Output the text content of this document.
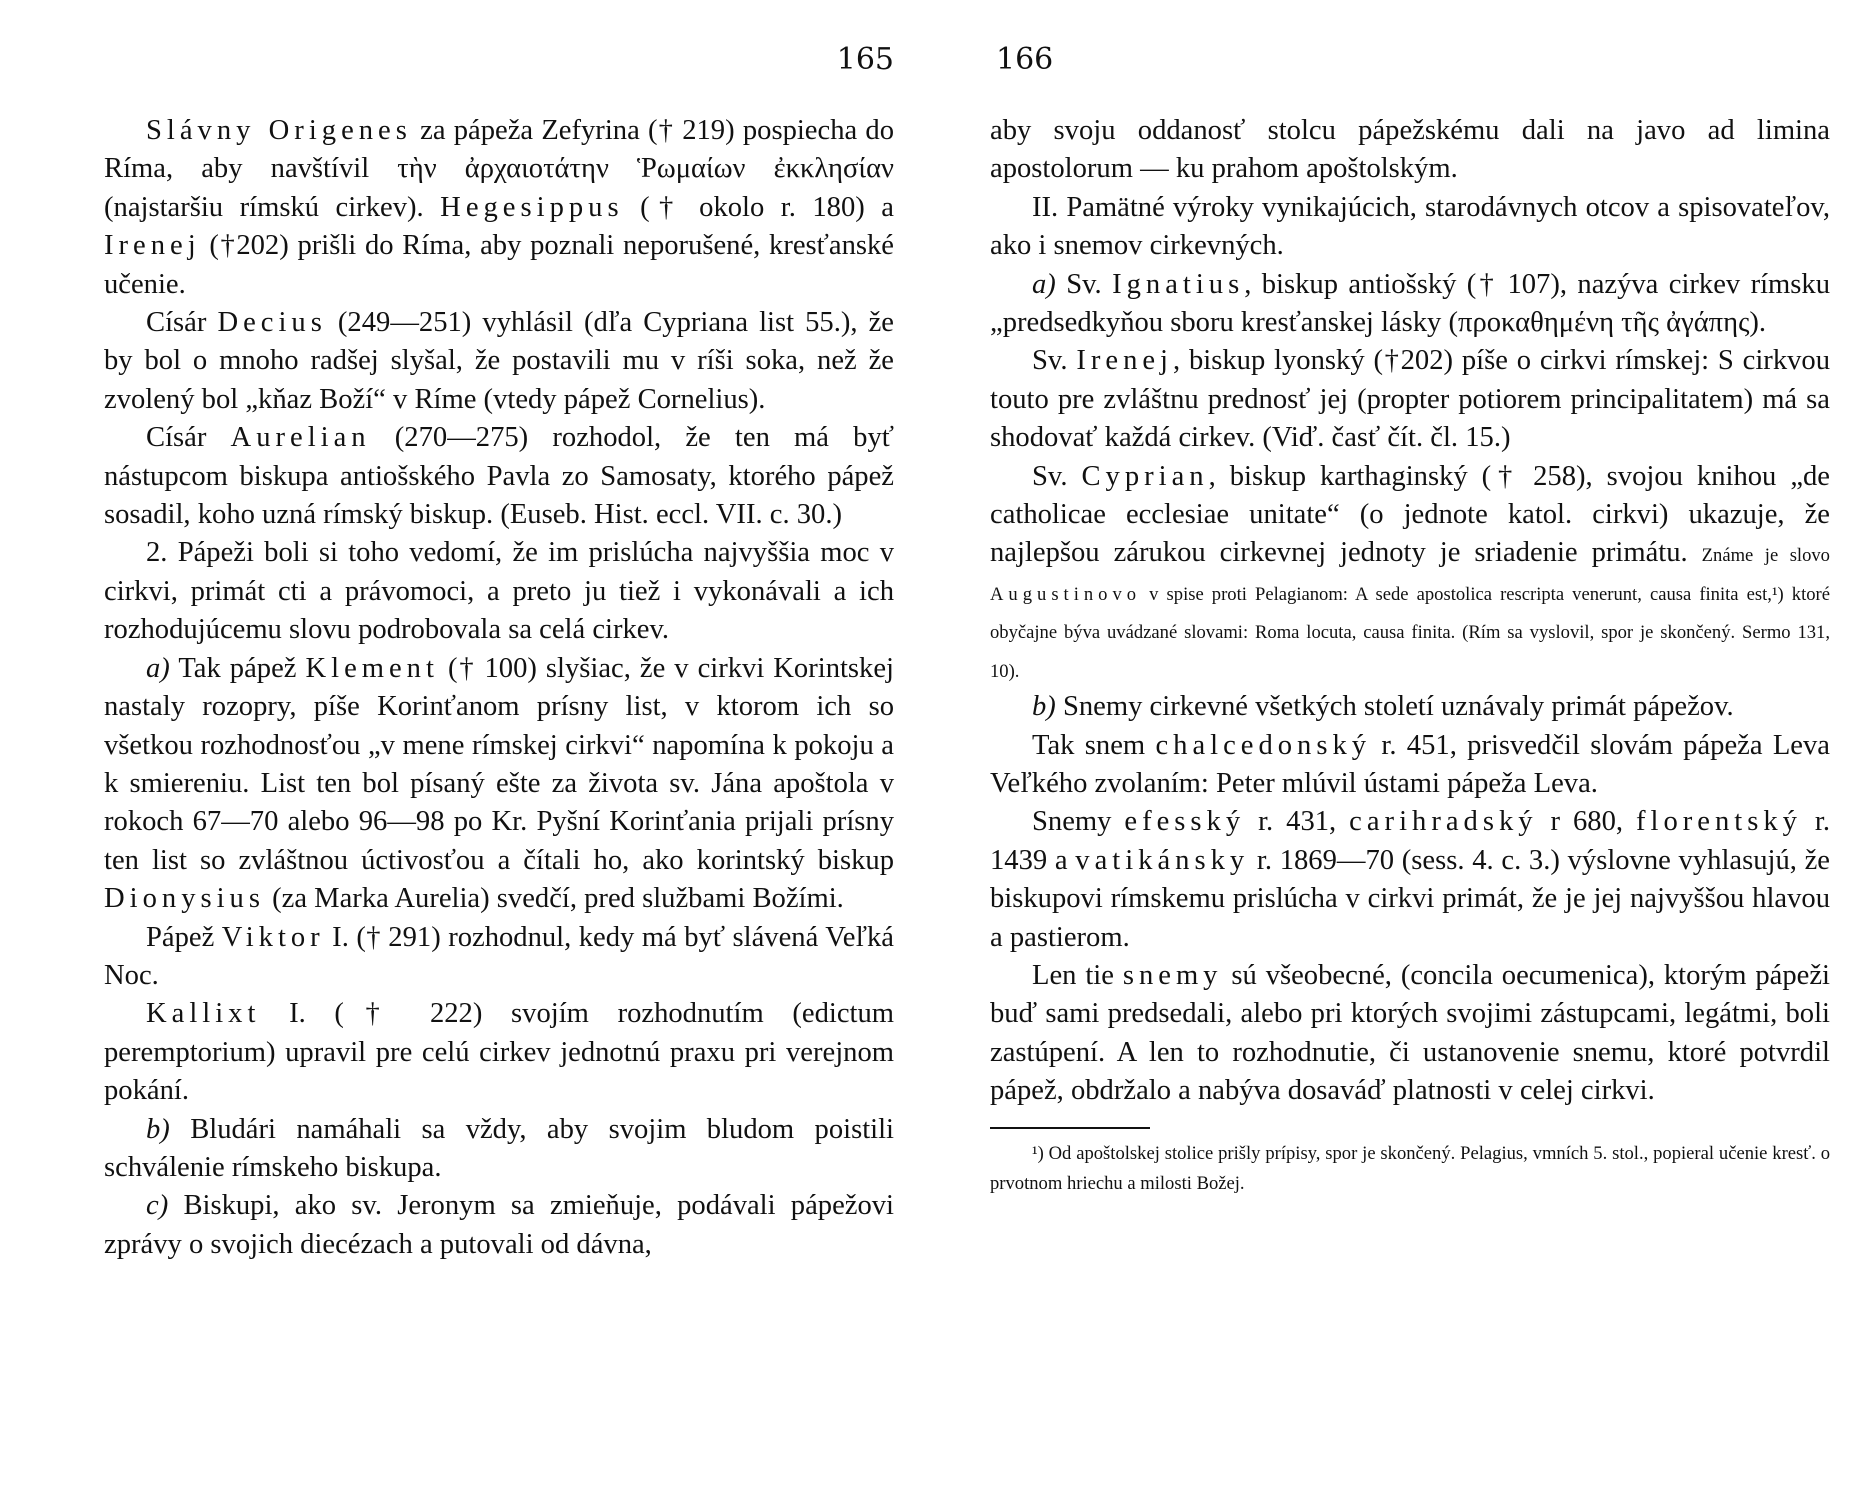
165

Slávny Origenes za pápeža Zefyrina († 219) pospiecha do Ríma, aby navštívil τὴν ἀρχαιοτάτην Ῥωμαίων ἐκκλησίαν (najstaršiu rímskú cirkev). Hegesippus († okolo r. 180) a Irenej (†202) prišli do Ríma, aby poznali neporušené, kresťanské učenie.

Císár Decius (249—251) vyhlásil (dľa Cypriana list 55.), že by bol o mnoho radšej slyšal, že postavili mu v ríši soka, než že zvolený bol „kňaz Boží“ v Ríme (vtedy pápež Cornelius).

Císár Aurelian (270—275) rozhodol, že ten má byť nástupcom biskupa antiošského Pavla zo Samosaty, ktorého pápež sosadil, koho uzná rímský biskup. (Euseb. Hist. eccl. VII. c. 30.)

2. Pápeži boli si toho vedomí, že im prislúcha najvyššia moc v cirkvi, primát cti a právomoci, a preto ju tiež i vykonávali a ich rozhodujúcemu slovu podrobovala sa celá cirkev.

a) Tak pápež Klement († 100) slyšiac, že v cirkvi Korintskej nastaly rozopry, píše Korinťanom prísny list, v ktorom ich so všetkou rozhodnosťou „v mene rímskej cirkvi“ napomína k pokoju a k smiereniu. List ten bol písaný ešte za života sv. Jána apoštola v rokoch 67—70 alebo 96—98 po Kr. Pyšní Korinťania prijali prísny ten list so zvláštnou úctivosťou a čítali ho, ako korintský biskup Dionysius (za Marka Aurelia) svedčí, pred službami Božími.

Pápež Viktor I. († 291) rozhodnul, kedy má byť slávená Veľká Noc.

Kallixt I. († 222) svojím rozhodnutím (edictum peremptorium) upravil pre celú cirkev jednotnú praxu pri verejnom pokání.

b) Bludári namáhali sa vždy, aby svojim bludom poistili schválenie rímskeho biskupa.

c) Biskupi, ako sv. Jeronym sa zmieňuje, podávali pápežovi zprávy o svojich diecézach a putovali od dávna,

166

aby svoju oddanosť stolcu pápežskému dali na javo ad limina apostolorum — ku prahom apoštolským.

II. Pamätné výroky vynikajúcich, starodávnych otcov a spisovateľov, ako i snemov cirkevných.

a) Sv. Ignatius, biskup antiošský († 107), nazýva cirkev rímsku „predsedkyňou sboru kresťanskej lásky (προκαθημένη τῆς ἀγάπης).

Sv. Irenej, biskup lyonský (†202) píše o cirkvi rímskej: S cirkvou touto pre zvláštnu prednosť jej (propter potiorem principalitatem) má sa shodovať každá cirkev. (Viď. časť čít. čl. 15.)

Sv. Cyprian, biskup karthaginský († 258), svojou knihou „de catholicae ecclesiae unitate“ (o jednote katol. cirkvi) ukazuje, že najlepšou zárukou cirkevnej jednoty je sriadenie primátu. Známe je slovo Augustinovo v spise proti Pelagianom: A sede apostolica rescripta venerunt, causa finita est,¹) ktoré obyčajne býva uvádzané slovami: Roma locuta, causa finita. (Rím sa vyslovil, spor je skončený. Sermo 131, 10).

b) Snemy cirkevné všetkých století uznávaly primát pápežov.

Tak snem chalcedonský r. 451, prisvedčil slovám pápeža Leva Veľkého zvolaním: Peter mlúvil ústami pápeža Leva.

Snemy efesský r. 431, carihradský r 680, florentský r. 1439 a vatikánsky r. 1869—70 (sess. 4. c. 3.) výslovne vyhlasujú, že biskupovi rímskemu prislúcha v cirkvi primát, že je jej najvyššou hlavou a pastierom.

Len tie snemy sú všeobecné, (concila oecumenica), ktorým pápeži buď sami predsedali, alebo pri ktorých svojimi zástupcami, legátmi, boli zastúpení. A len to rozhodnutie, či ustanovenie snemu, ktoré potvrdil pápež, obdržalo a nabýva dosaváď platnosti v celej cirkvi.

¹) Od apoštolskej stolice prišly prípisy, spor je skončený. Pelagius, vmních 5. stol., popieral učenie kresť. o prvotnom hriechu a milosti Božej.
